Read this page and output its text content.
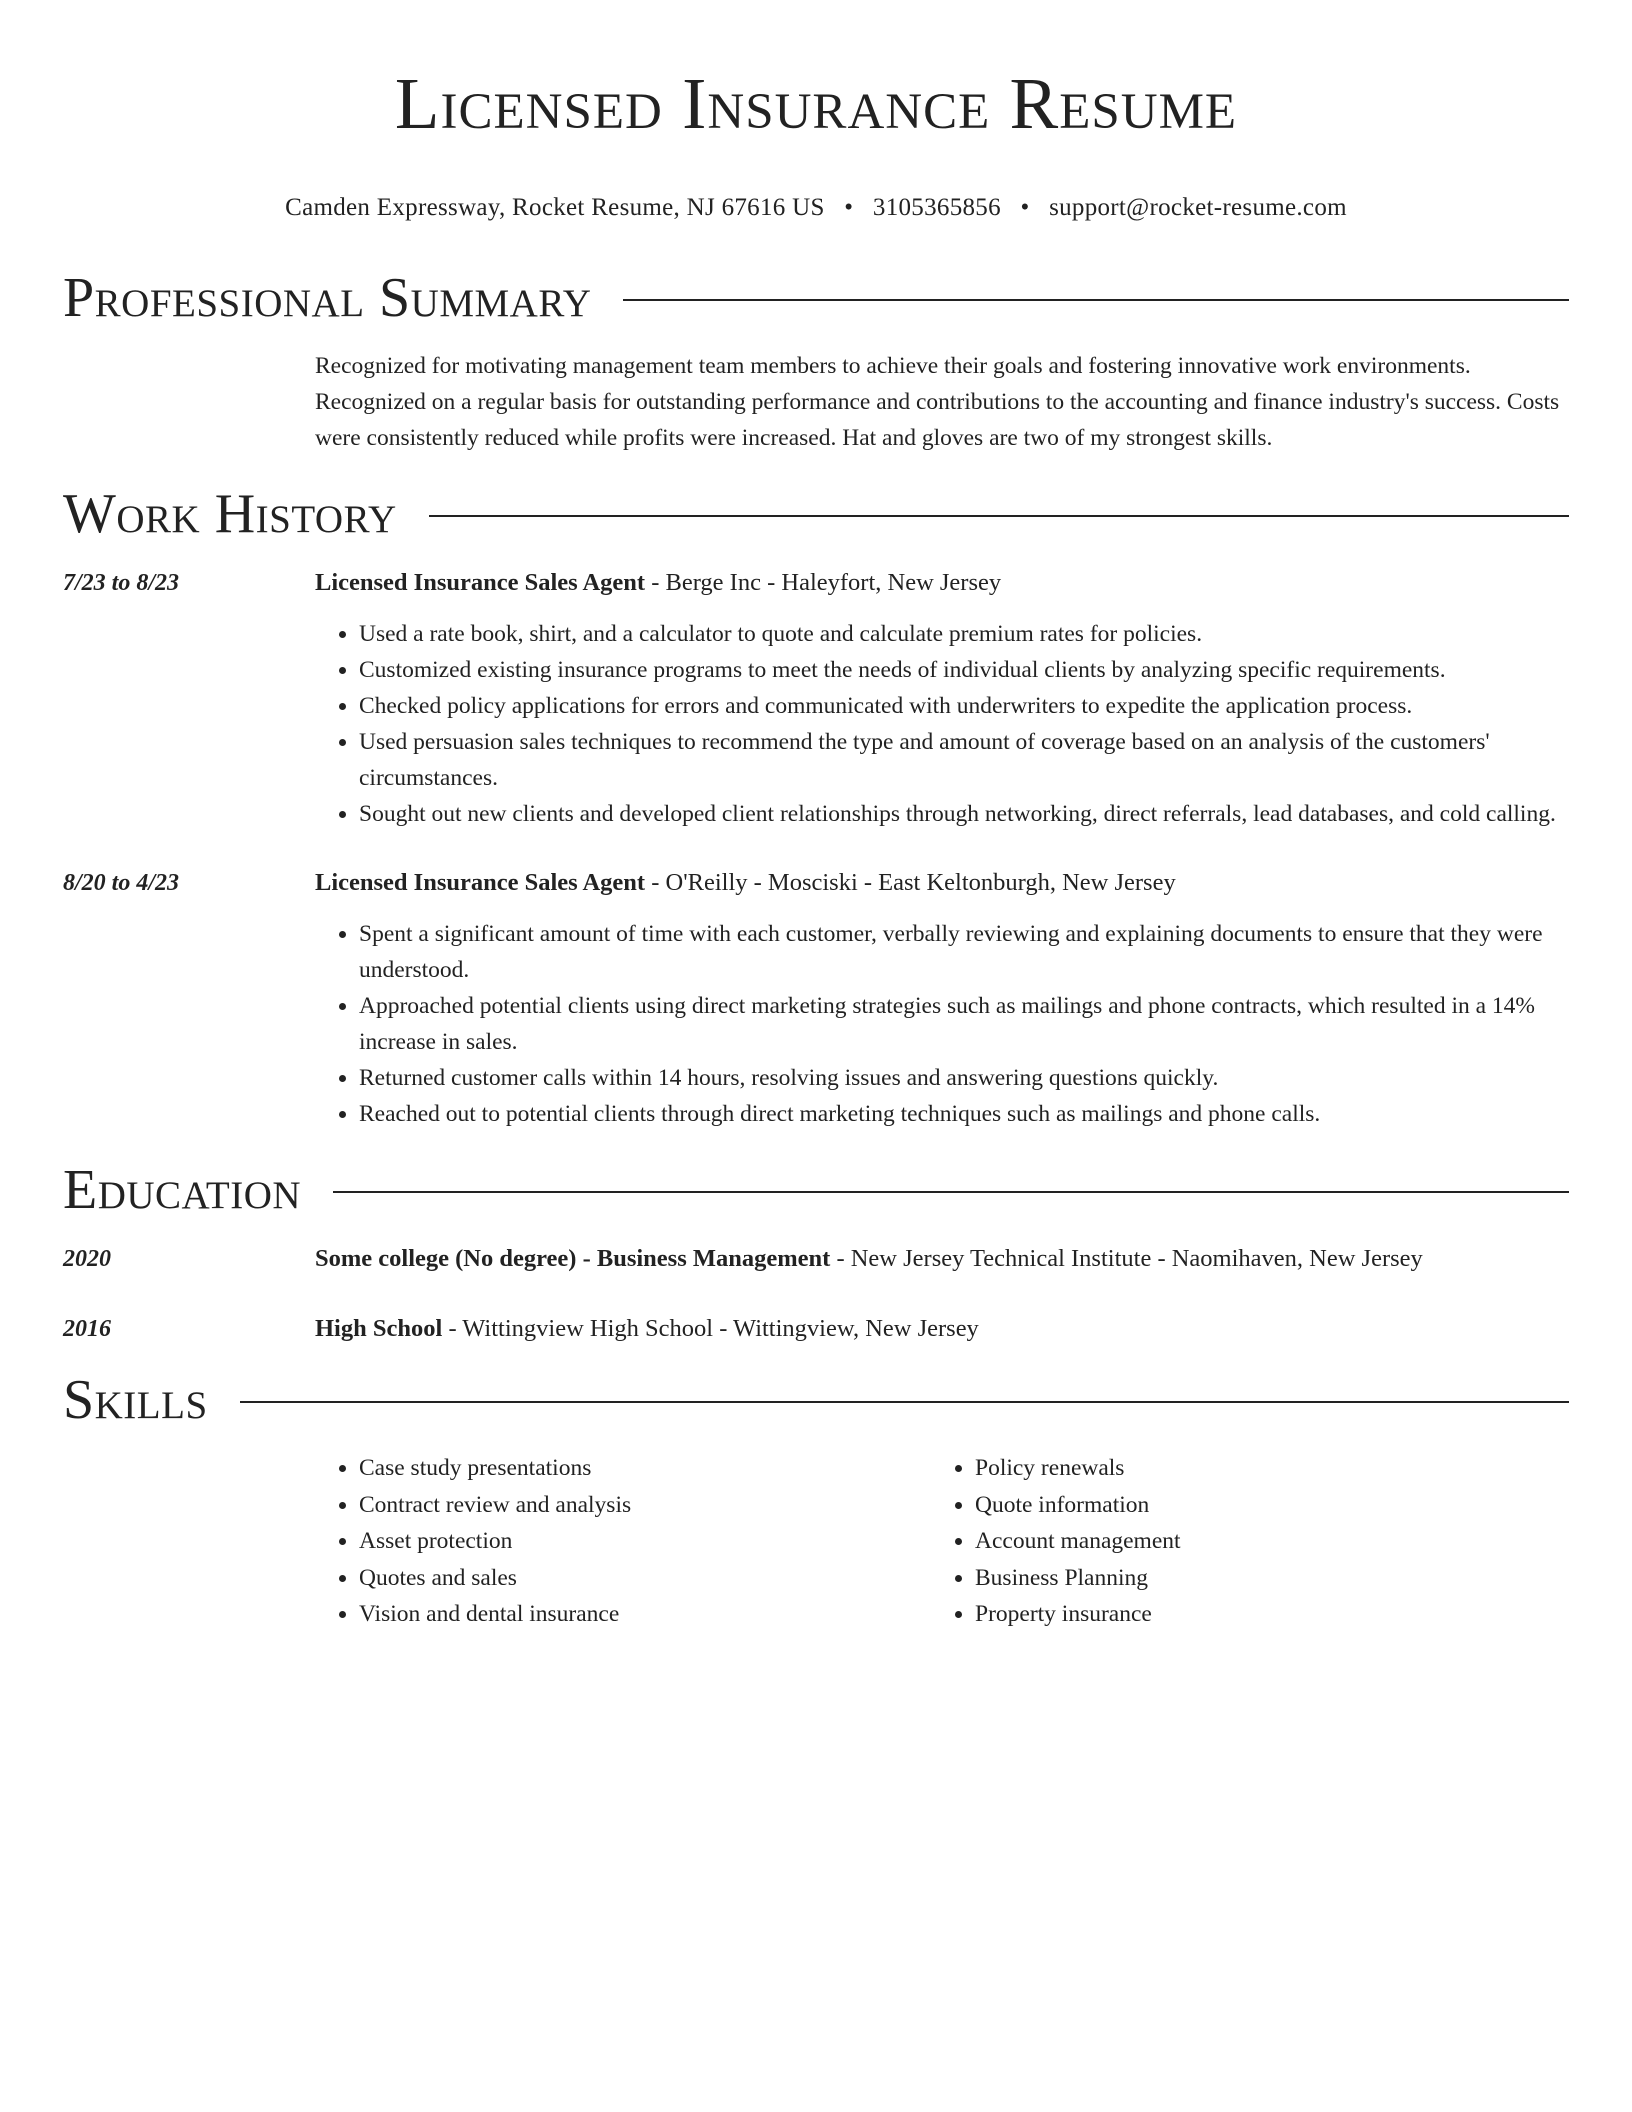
Licensed Insurance Resume
Camden Expressway, Rocket Resume, NJ 67616 US • 3105365856 • support@rocket-resume.com
Professional Summary
Recognized for motivating management team members to achieve their goals and fostering innovative work environments. Recognized on a regular basis for outstanding performance and contributions to the accounting and finance industry's success. Costs were consistently reduced while profits were increased. Hat and gloves are two of my strongest skills.
Work History
7/23 to 8/23	Licensed Insurance Sales Agent - Berge Inc - Haleyfort, New Jersey
• Used a rate book, shirt, and a calculator to quote and calculate premium rates for policies.
• Customized existing insurance programs to meet the needs of individual clients by analyzing specific requirements.
• Checked policy applications for errors and communicated with underwriters to expedite the application process.
• Used persuasion sales techniques to recommend the type and amount of coverage based on an analysis of the customers' circumstances.
• Sought out new clients and developed client relationships through networking, direct referrals, lead databases, and cold calling.
8/20 to 4/23	Licensed Insurance Sales Agent - O'Reilly - Mosciski - East Keltonburgh, New Jersey
• Spent a significant amount of time with each customer, verbally reviewing and explaining documents to ensure that they were understood.
• Approached potential clients using direct marketing strategies such as mailings and phone contracts, which resulted in a 14% increase in sales.
• Returned customer calls within 14 hours, resolving issues and answering questions quickly.
• Reached out to potential clients through direct marketing techniques such as mailings and phone calls.
Education
2020	Some college (No degree) - Business Management - New Jersey Technical Institute - Naomihaven, New Jersey
2016	High School - Wittingview High School - Wittingview, New Jersey
Skills
• Case study presentations
• Contract review and analysis
• Asset protection
• Quotes and sales
• Vision and dental insurance
• Policy renewals
• Quote information
• Account management
• Business Planning
• Property insurance
